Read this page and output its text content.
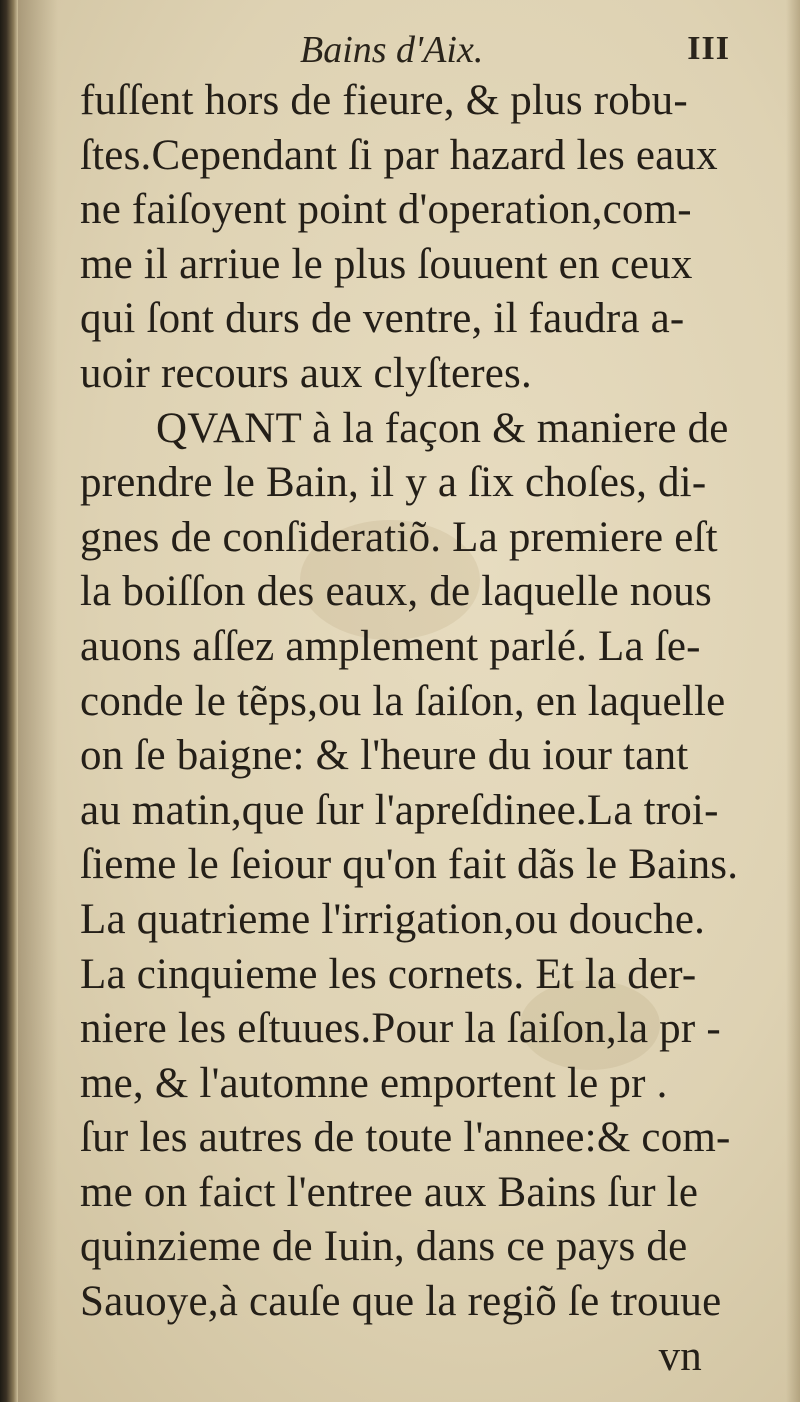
Bains d'Aix.	III
fuſſent hors de fieure, & plus robu-
ſtes.Cependant ſi par hazard les eaux
ne faiſoyent point d'operation,com-
me il arriue le plus ſouuent en ceux
qui ſont durs de ventre, il faudra a-
uoir recours aux clyſteres.
QVANT à la façon & maniere de
prendre le Bain, il y a ſix choſes, di-
gnes de conſideratiõ. La premiere eſt
la boiſſon des eaux, de laquelle nous
auons aſſez amplement parlé. La ſe-
conde le tẽps,ou la ſaiſon, en laquelle
on ſe baigne: & l'heure du iour tant
au matin,que ſur l'apreſdinee.La troi-
ſieme le ſeiour qu'on fait dãs le Bains.
La quatrieme l'irrigation,ou douche.
La cinquieme les cornets. Et la der-
niere les eſtuues.Pour la ſaiſon,la pr -
me, & l'automne emportent le pr .
ſur les autres de toute l'annee:& com-
me on faict l'entree aux Bains ſur le
quinzieme de Iuin, dans ce pays de
Sauoye,à cauſe que la regiõ ſe trouue
vn
